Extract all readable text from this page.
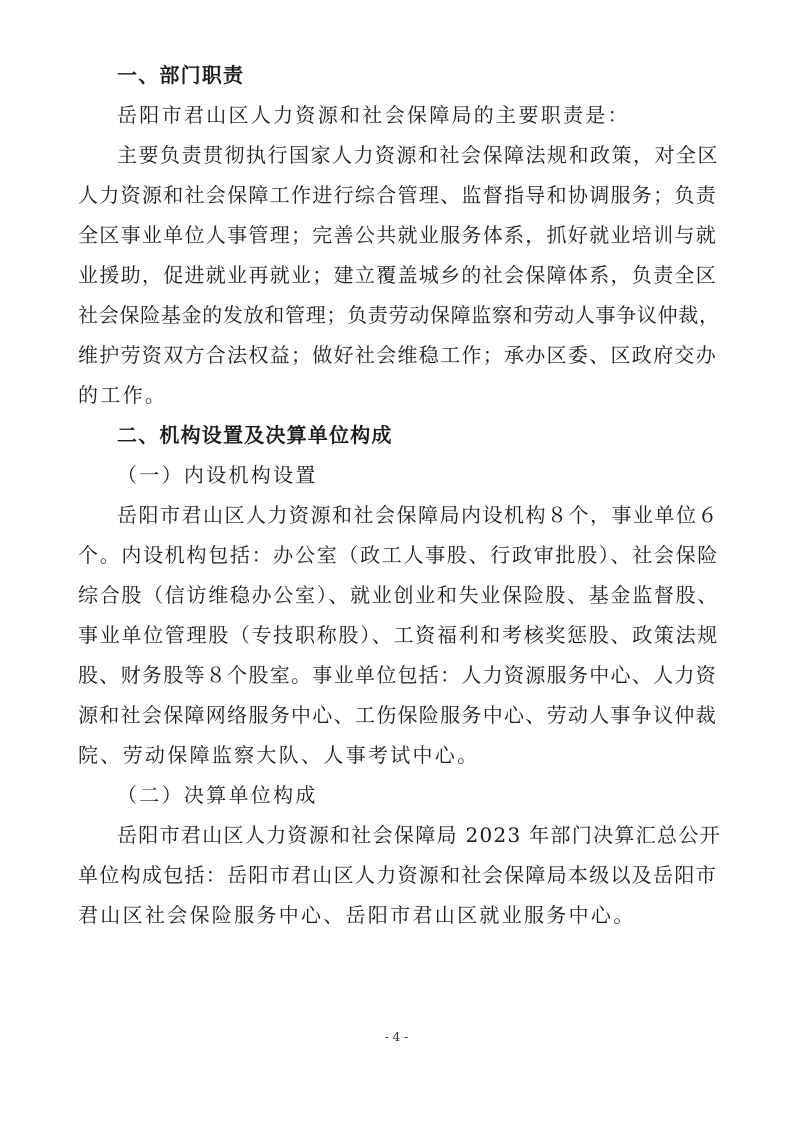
一、部门职责
岳阳市君山区人力资源和社会保障局的主要职责是：
主要负责贯彻执行国家人力资源和社会保障法规和政策，对全区
人力资源和社会保障工作进行综合管理、监督指导和协调服务；负责
全区事业单位人事管理；完善公共就业服务体系，抓好就业培训与就
业援助，促进就业再就业；建立覆盖城乡的社会保障体系，负责全区
社会保险基金的发放和管理；负责劳动保障监察和劳动人事争议仲裁，
维护劳资双方合法权益；做好社会维稳工作；承办区委、区政府交办
的工作。
二、机构设置及决算单位构成
（一）内设机构设置
岳阳市君山区人力资源和社会保障局内设机构８个，事业单位６
个。内设机构包括：办公室（政工人事股、行政审批股）、社会保险
综合股（信访维稳办公室）、就业创业和失业保险股、基金监督股、
事业单位管理股（专技职称股）、工资福利和考核奖惩股、政策法规
股、财务股等８个股室。事业单位包括：人力资源服务中心、人力资
源和社会保障网络服务中心、工伤保险服务中心、劳动人事争议仲裁
院、劳动保障监察大队、人事考试中心。
（二）决算单位构成
岳阳市君山区人力资源和社会保障局 2023 年部门决算汇总公开
单位构成包括：岳阳市君山区人力资源和社会保障局本级以及岳阳市
君山区社会保险服务中心、岳阳市君山区就业服务中心。
- 4 -
